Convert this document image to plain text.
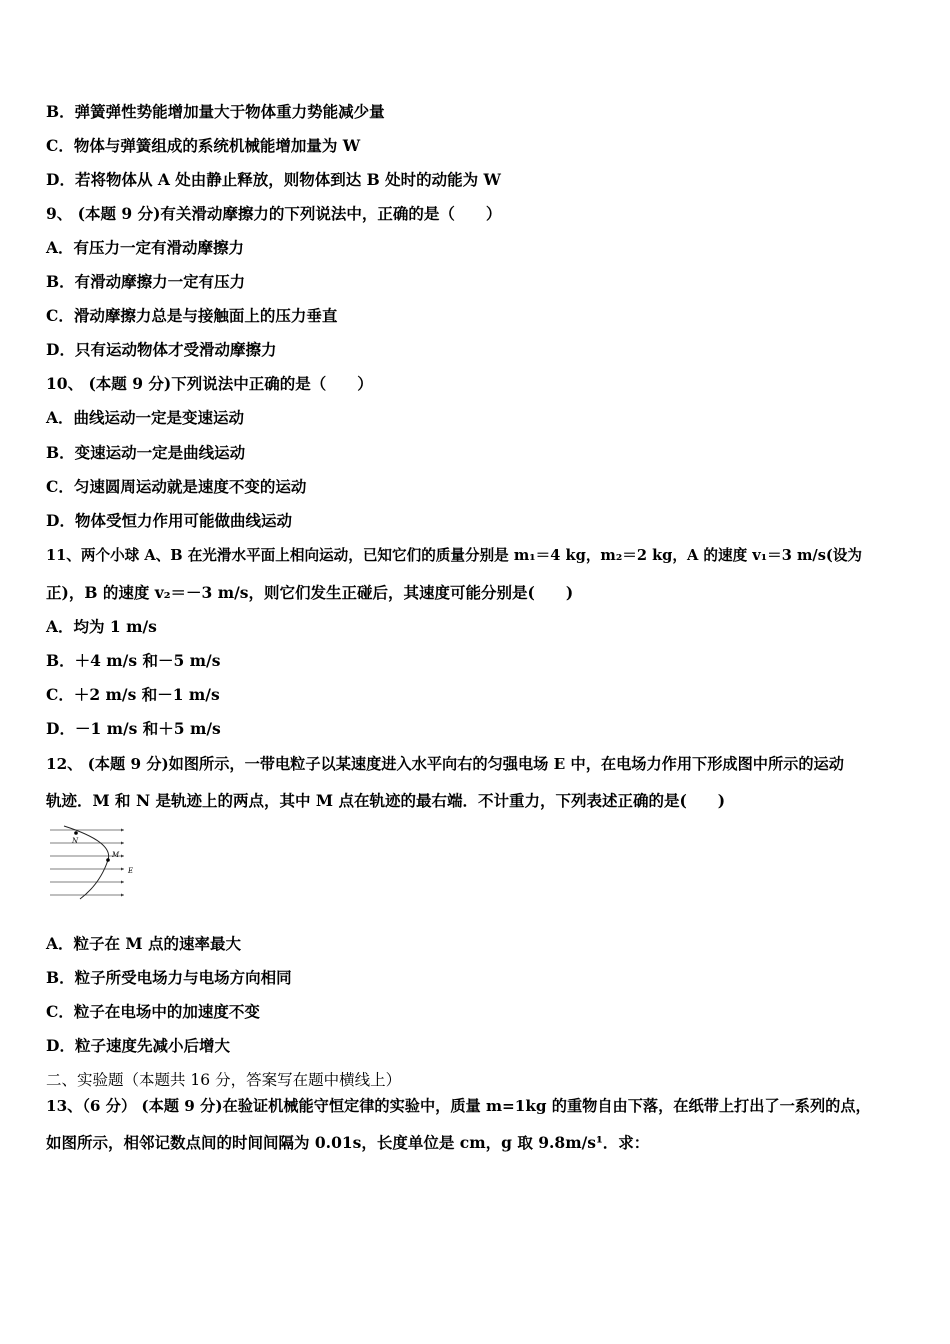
B．弹簧弹性势能增加量大于物体重力势能减少量
C．物体与弹簧组成的系统机械能增加量为 W
D．若将物体从 A 处由静止释放，则物体到达 B 处时的动能为 W
9、 (本题 9 分)有关滑动摩擦力的下列说法中，正确的是（　　）
A．有压力一定有滑动摩擦力
B．有滑动摩擦力一定有压力
C．滑动摩擦力总是与接触面上的压力垂直
D．只有运动物体才受滑动摩擦力
10、 (本题 9 分)下列说法中正确的是（　　）
A．曲线运动一定是变速运动
B．变速运动一定是曲线运动
C．匀速圆周运动就是速度不变的运动
D．物体受恒力作用可能做曲线运动
11、两个小球 A、B 在光滑水平面上相向运动，已知它们的质量分别是 m₁＝4 kg，m₂＝2 kg，A 的速度 v₁＝3 m/s(设为
正)，B 的速度 v₂＝－3 m/s，则它们发生正碰后，其速度可能分别是(　　)
A．均为 1 m/s
B．＋4 m/s 和－5 m/s
C．＋2 m/s 和－1 m/s
D．－1 m/s 和＋5 m/s
12、 (本题 9 分)如图所示，一带电粒子以某速度进入水平向右的匀强电场 E 中，在电场力作用下形成图中所示的运动
轨迹．M 和 N 是轨迹上的两点，其中 M 点在轨迹的最右端．不计重力，下列表述正确的是(　　)
N
M
E
A．粒子在 M 点的速率最大
B．粒子所受电场力与电场方向相同
C．粒子在电场中的加速度不变
D．粒子速度先减小后增大
二、实验题（本题共 16 分，答案写在题中横线上）
13、（6 分） (本题 9 分)在验证机械能守恒定律的实验中，质量 m=1kg 的重物自由下落，在纸带上打出了一系列的点，
如图所示，相邻记数点间的时间间隔为 0.01s，长度单位是 cm，g 取 9.8m/s¹．求：
